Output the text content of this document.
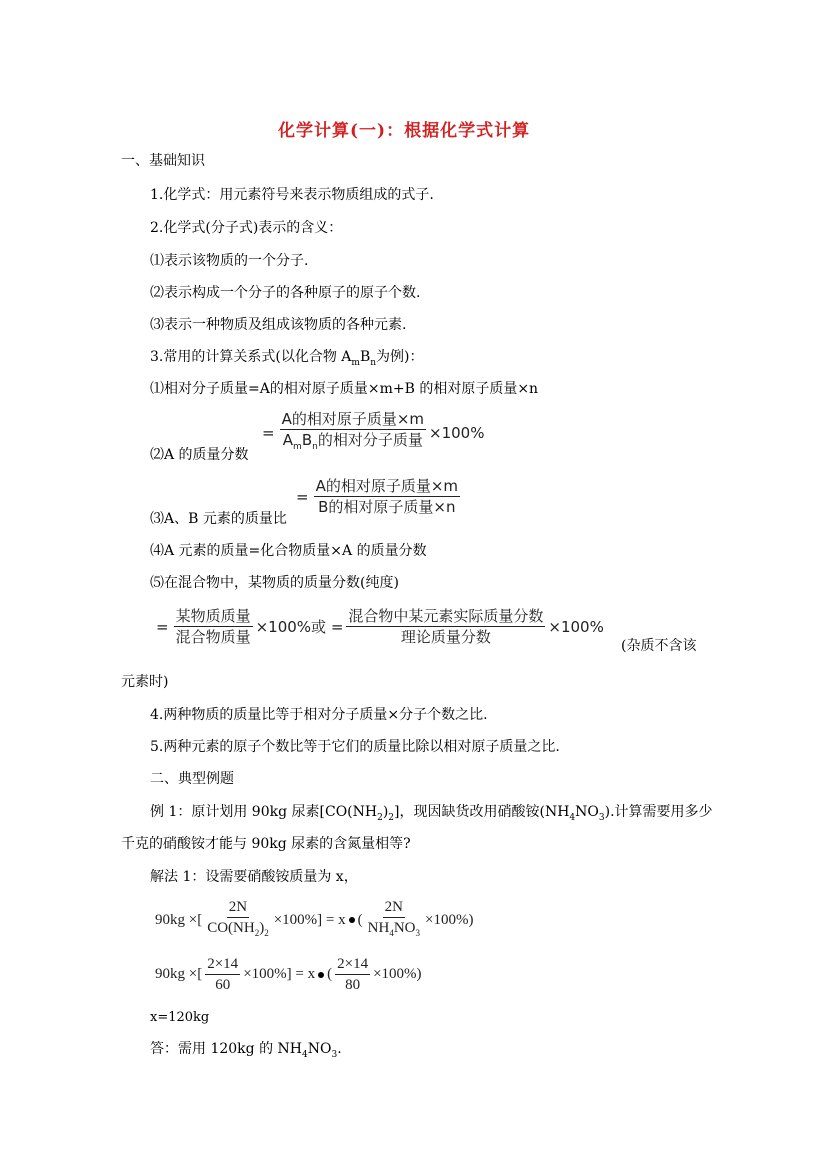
化学计算(一)：根据化学式计算
一、基础知识
1.化学式：用元素符号来表示物质组成的式子.
2.化学式(分子式)表示的含义：
⑴表示该物质的一个分子.
⑵表示构成一个分子的各种原子的原子个数.
⑶表示一种物质及组成该物质的各种元素.
3.常用的计算关系式(以化合物 $A_mB_n$为例)：
⑴相对分子质量=A的相对原子质量×m+B 的相对原子质量×n
⑵A 的质量分数
= $\frac{\text{A的相对原子质量×m}}{A_mB_n的相对分子质量} \times 100\%$
⑶A、B 元素的质量比
= $\frac{\text{A的相对原子质量×m}}{\text{B的相对原子质量×n}}$
⑷A 元素的质量=化合物质量×A 的质量分数
⑸在混合物中，某物质的质量分数(纯度)
= $\frac{\text{某物质质量}}{\text{混合物质量}} \times 100\%$或 = $\frac{\text{混合物中某元素实际质量分数}}{\text{理论质量分数}} \times 100\%$
(杂质不含该
元素时)
4.两种物质的质量比等于相对分子质量×分子个数之比.
5.两种元素的原子个数比等于它们的质量比除以相对原子质量之比.
二、典型例题
例 1：原计划用 90kg 尿素$[CO(NH_2)_2]$，现因缺货改用硝酸铵$(NH_4NO_3)$.计算需要用多少
千克的硝酸铵才能与 90kg 尿素的含氮量相等?
解法 1：设需要硝酸铵质量为 x，
90kg ×[ $\frac{2N}{CO(NH_2)_2} \times 100\%] = x$ ( $\frac{2N}{NH_4NO_3} \times 100\%$)
90kg ×[ $\frac{2\times 14}{60} \times 100\%] = x$ ( $\frac{2\times 14}{80} \times 100\%$)
x=120kg
答：需用 120kg 的 $NH_4NO_3$.
